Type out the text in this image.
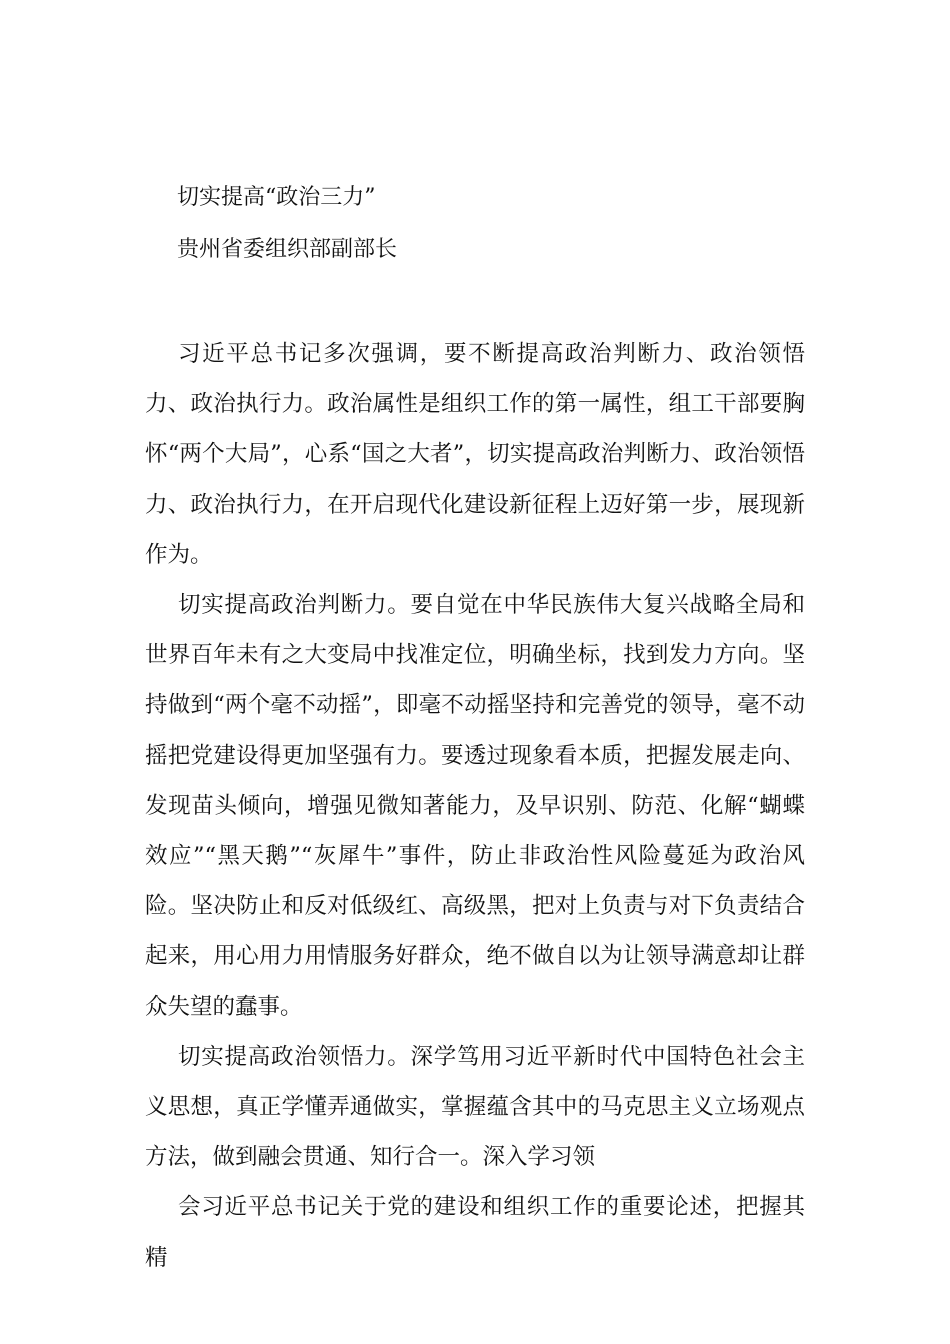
切实提高“政治三力”
贵州省委组织部副部长

习近平总书记多次强调，要不断提高政治判断力、政治领悟力、政治执行力。政治属性是组织工作的第一属性，组工干部要胸怀“两个大局”，心系“国之大者”，切实提高政治判断力、政治领悟力、政治执行力，在开启现代化建设新征程上迈好第一步，展现新作为。

切实提高政治判断力。要自觉在中华民族伟大复兴战略全局和世界百年未有之大变局中找准定位，明确坐标，找到发力方向。坚持做到“两个毫不动摇”，即毫不动摇坚持和完善党的领导，毫不动摇把党建设得更加坚强有力。要透过现象看本质，把握发展走向、发现苗头倾向，增强见微知著能力，及早识别、防范、化解“蝴蝶效应”“黑天鹅”“灰犀牛”事件，防止非政治性风险蔓延为政治风险。坚决防止和反对低级红、高级黑，把对上负责与对下负责结合起来，用心用力用情服务好群众，绝不做自以为让领导满意却让群众失望的蠢事。

切实提高政治领悟力。深学笃用习近平新时代中国特色社会主义思想，真正学懂弄通做实，掌握蕴含其中的马克思主义立场观点方法，做到融会贯通、知行合一。深入学习领

会习近平总书记关于党的建设和组织工作的重要论述，把握其精
